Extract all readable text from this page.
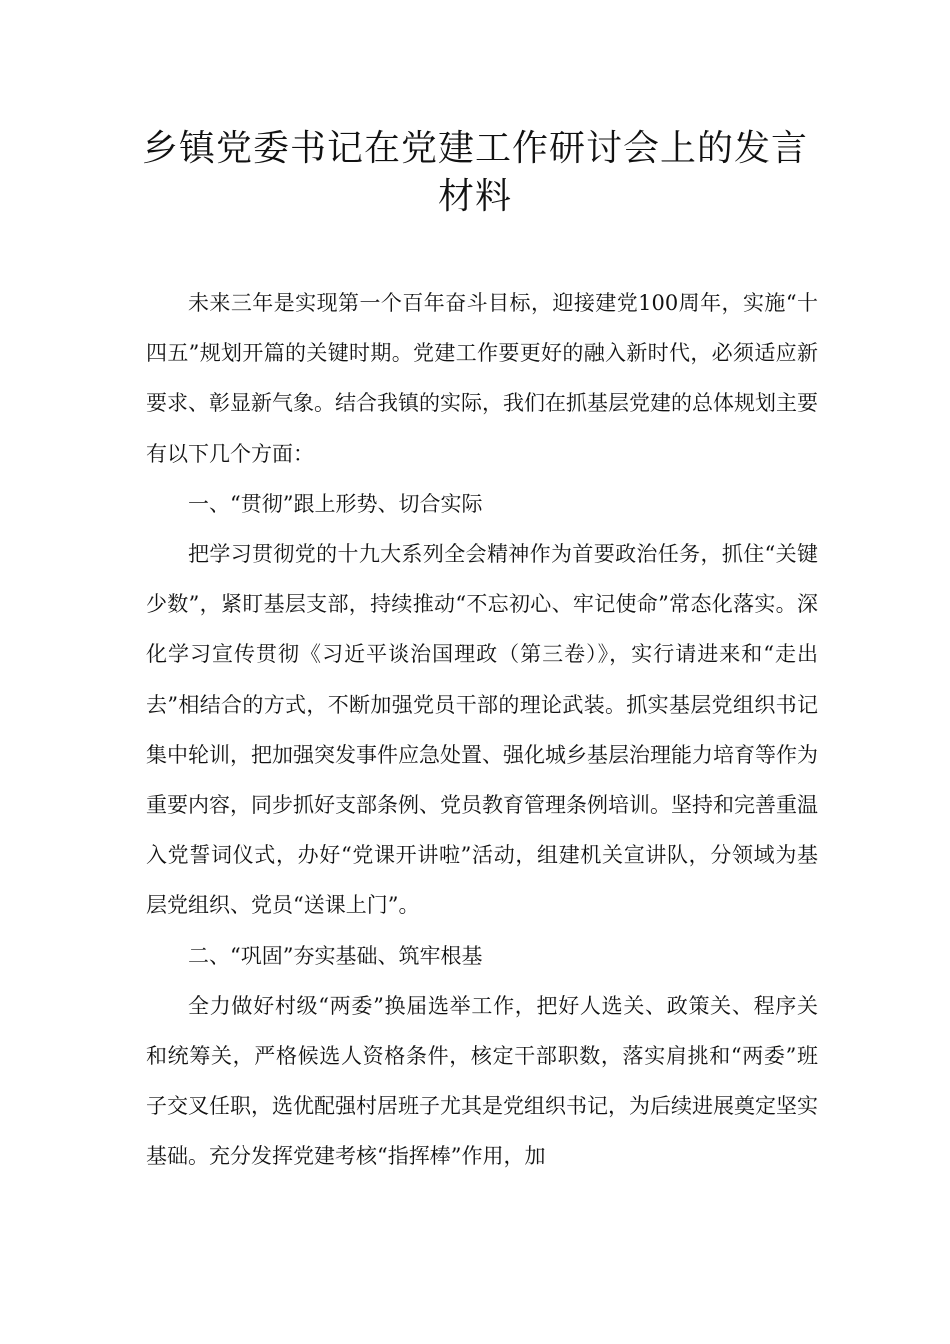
乡镇党委书记在党建工作研讨会上的发言材料

未来三年是实现第一个百年奋斗目标，迎接建党100周年，实施“十四五”规划开篇的关键时期。党建工作要更好的融入新时代，必须适应新要求、彰显新气象。结合我镇的实际，我们在抓基层党建的总体规划主要有以下几个方面：

一、“贯彻”跟上形势、切合实际

把学习贯彻党的十九大系列全会精神作为首要政治任务，抓住“关键少数”，紧盯基层支部，持续推动“不忘初心、牢记使命”常态化落实。深化学习宣传贯彻《习近平谈治国理政（第三卷）》，实行请进来和“走出去”相结合的方式，不断加强党员干部的理论武装。抓实基层党组织书记集中轮训，把加强突发事件应急处置、强化城乡基层治理能力培育等作为重要内容，同步抓好支部条例、党员教育管理条例培训。坚持和完善重温入党誓词仪式，办好“党课开讲啦”活动，组建机关宣讲队，分领域为基层党组织、党员“送课上门”。

二、“巩固”夯实基础、筑牢根基

全力做好村级“两委”换届选举工作，把好人选关、政策关、程序关和统筹关，严格候选人资格条件，核定干部职数，落实肩挑和“两委”班子交叉任职，选优配强村居班子尤其是党组织书记，为后续进展奠定坚实基础。充分发挥党建考核“指挥棒”作用，加
